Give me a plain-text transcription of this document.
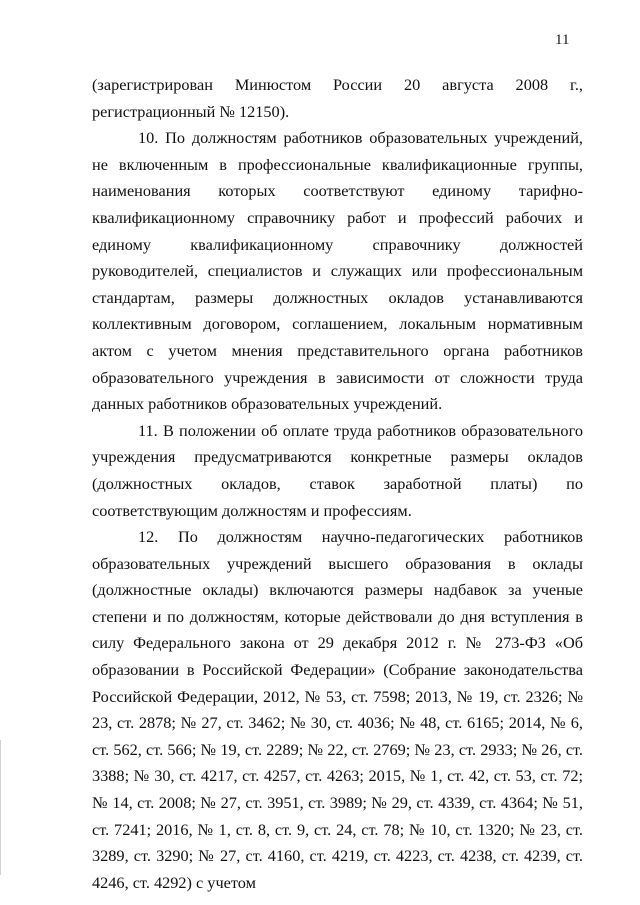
11

(зарегистрирован Минюстом России 20 августа 2008 г., регистрационный № 12150).

10. По должностям работников образовательных учреждений, не включенным в профессиональные квалификационные группы, наименования которых соответствуют единому тарифно-квалификационному справочнику работ и профессий рабочих и единому квалификационному справочнику должностей руководителей, специалистов и служащих или профессиональным стандартам, размеры должностных окладов устанавливаются коллективным договором, соглашением, локальным нормативным актом с учетом мнения представительного органа работников образовательного учреждения в зависимости от сложности труда данных работников образовательных учреждений.

11. В положении об оплате труда работников образовательного учреждения предусматриваются конкретные размеры окладов (должностных окладов, ставок заработной платы) по соответствующим должностям и профессиям.

12. По должностям научно-педагогических работников образовательных учреждений высшего образования в оклады (должностные оклады) включаются размеры надбавок за ученые степени и по должностям, которые действовали до дня вступления в силу Федерального закона от 29 декабря 2012 г. № 273-ФЗ «Об образовании в Российской Федерации» (Собрание законодательства Российской Федерации, 2012, № 53, ст. 7598; 2013, № 19, ст. 2326; № 23, ст. 2878; № 27, ст. 3462; № 30, ст. 4036; № 48, ст. 6165; 2014, № 6, ст. 562, ст. 566; № 19, ст. 2289; № 22, ст. 2769; № 23, ст. 2933; № 26, ст. 3388; № 30, ст. 4217, ст. 4257, ст. 4263; 2015, № 1, ст. 42, ст. 53, ст. 72; № 14, ст. 2008; № 27, ст. 3951, ст. 3989; № 29, ст. 4339, ст. 4364; № 51, ст. 7241; 2016, № 1, ст. 8, ст. 9, ст. 24, ст. 78; № 10, ст. 1320; № 23, ст. 3289, ст. 3290; № 27, ст. 4160, ст. 4219, ст. 4223, ст. 4238, ст. 4239, ст. 4246, ст. 4292) с учетом
